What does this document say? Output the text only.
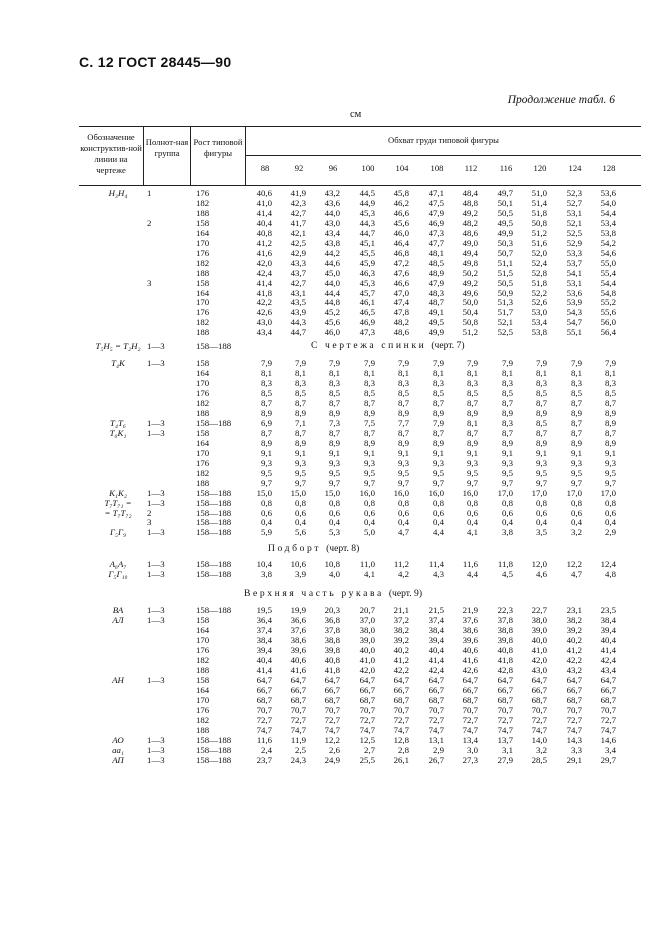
С. 12 ГОСТ 28445—90
Продолжение табл. 6
см
Обозначение конструктив-ной линии на чертеже
Полнот-ная группа
Рост типовой фигуры
Обхват груди типовой фигуры
88	92	96	100	104	108	112	116	120	124	128
Н₃Н₄	1	176	40,6	41,9	43,2	44,5	45,8	47,1	48,4	49,7	51,0	52,3	53,6
182	41,0	42,3	43,6	44,9	46,2	47,5	48,8	50,1	51,4	52,7	54,0
188	41,4	42,7	44,0	45,3	46,6	47,9	49,2	50,5	51,8	53,1	54,4
2	158	40,4	41,7	43,0	44,3	45,6	46,9	48,2	49,5	50,8	52,1	53,4
164	40,8	42,1	43,4	44,7	46,0	47,3	48,6	49,9	51,2	52,5	53,8
170	41,2	42,5	43,8	45,1	46,4	47,7	49,0	50,3	51,6	52,9	54,2
176	41,6	42,9	44,2	45,5	46,8	48,1	49,4	50,7	52,0	53,3	54,6
182	42,0	43,3	44,6	45,9	47,2	48,5	49,8	51,1	52,4	53,7	55,0
188	42,4	43,7	45,0	46,3	47,6	48,9	50,2	51,5	52,8	54,1	55,4
3	158	41,4	42,7	44,0	45,3	46,6	47,9	49,2	50,5	51,8	53,1	54,4
164	41,8	43,1	44,4	45,7	47,0	48,3	49,6	50,9	52,2	53,6	54,8
170	42,2	43,5	44,8	46,1	47,4	48,7	50,0	51,3	52,6	53,9	55,2
176	42,6	43,9	45,2	46,5	47,8	49,1	50,4	51,7	53,0	54,3	55,6
182	43,0	44,3	45,6	46,9	48,2	49,5	50,8	52,1	53,4	54,7	56,0
188	43,4	44,7	46,0	47,3	48,6	49,9	51,2	52,5	53,8	55,1	56,4
Т₅Н₅ = Т₂Н₂ 1—3	158—188	С чертежа спинки (черт. 7)
Т₄К	1—3	158	7,9	7,9	7,9	7,9	7,9	7,9	7,9	7,9	7,9	7,9	7,9
164	8,1	8,1	8,1	8,1	8,1	8,1	8,1	8,1	8,1	8,1	8,1
170	8,3	8,3	8,3	8,3	8,3	8,3	8,3	8,3	8,3	8,3	8,3
176	8,5	8,5	8,5	8,5	8,5	8,5	8,5	8,5	8,5	8,5	8,5
182	8,7	8,7	8,7	8,7	8,7	8,7	8,7	8,7	8,7	8,7	8,7
188	8,9	8,9	8,9	8,9	8,9	8,9	8,9	8,9	8,9	8,9	8,9
Т₄Т₆	1—3	158—188	6,9	7,1	7,3	7,5	7,7	7,9	8,1	8,3	8,5	8,7	8,9
Т₆К₁	1—3	158	8,7	8,7	8,7	8,7	8,7	8,7	8,7	8,7	8,7	8,7	8,7
164	8,9	8,9	8,9	8,9	8,9	8,9	8,9	8,9	8,9	8,9	8,9
170	9,1	9,1	9,1	9,1	9,1	9,1	9,1	9,1	9,1	9,1	9,1
176	9,3	9,3	9,3	9,3	9,3	9,3	9,3	9,3	9,3	9,3	9,3
182	9,5	9,5	9,5	9,5	9,5	9,5	9,5	9,5	9,5	9,5	9,5
188	9,7	9,7	9,7	9,7	9,7	9,7	9,7	9,7	9,7	9,7	9,7
К₁К₂	1—3	158—188	15,0	15,0	15,0	16,0	16,0	16,0	16,0	17,0	17,0	17,0	17,0
Т₇Т₇₁ =	1—3	158—188	0,8	0,8	0,8	0,8	0,8	0,8	0,8	0,8	0,8	0,8	0,8
= Т₇Т₇₂	2	158—188	0,6	0,6	0,6	0,6	0,6	0,6	0,6	0,6	0,6	0,6	0,6
3	158—188	0,4	0,4	0,4	0,4	0,4	0,4	0,4	0,4	0,4	0,4	0,4
Г₅Г₉	1—3	158—188	5,9	5,6	5,3	5,0	4,7	4,4	4,1	3,8	3,5	3,2	2,9
Подборт (черт. 8)
А₆А₇	1—3	158—188	10,4	10,6	10,8	11,0	11,2	11,4	11,6	11,8	12,0	12,2	12,4
Г₅Г₁₀	1—3	158—188	3,8	3,9	4,0	4,1	4,2	4,3	4,4	4,5	4,6	4,7	4,8
Верхняя часть рукава (черт. 9)
ВА	1—3	158—188	19,5	19,9	20,3	20,7	21,1	21,5	21,9	22,3	22,7	23,1	23,5
АЛ	1—3	158	36,4	36,6	36,8	37,0	37,2	37,4	37,6	37,8	38,0	38,2	38,4
164	37,4	37,6	37,8	38,0	38,2	38,4	38,6	38,8	39,0	39,2	39,4
170	38,4	38,6	38,8	39,0	39,2	39,4	39,6	39,8	40,0	40,2	40,4
176	39,4	39,6	39,8	40,0	40,2	40,4	40,6	40,8	41,0	41,2	41,4
182	40,4	40,6	40,8	41,0	41,2	41,4	41,6	41,8	42,0	42,2	42,4
188	41,4	41,6	41,8	42,0	42,2	42,4	42,6	42,8	43,0	43,2	43,4
АН	1—3	158	64,7	64,7	64,7	64,7	64,7	64,7	64,7	64,7	64,7	64,7	64,7
164	66,7	66,7	66,7	66,7	66,7	66,7	66,7	66,7	66,7	66,7	66,7
170	68,7	68,7	68,7	68,7	68,7	68,7	68,7	68,7	68,7	68,7	68,7
176	70,7	70,7	70,7	70,7	70,7	70,7	70,7	70,7	70,7	70,7	70,7
182	72,7	72,7	72,7	72,7	72,7	72,7	72,7	72,7	72,7	72,7	72,7
188	74,7	74,7	74,7	74,7	74,7	74,7	74,7	74,7	74,7	74,7	74,7
АО	1—3	158—188	11,6	11,9	12,2	12,5	12,8	13,1	13,4	13,7	14,0	14,3	14,6
аа₁	1—3	158—188	2,4	2,5	2,6	2,7	2,8	2,9	3,0	3,1	3,2	3,3	3,4
АП	1—3	158—188	23,7	24,3	24,9	25,5	26,1	26,7	27,3	27,9	28,5	29,1	29,7
